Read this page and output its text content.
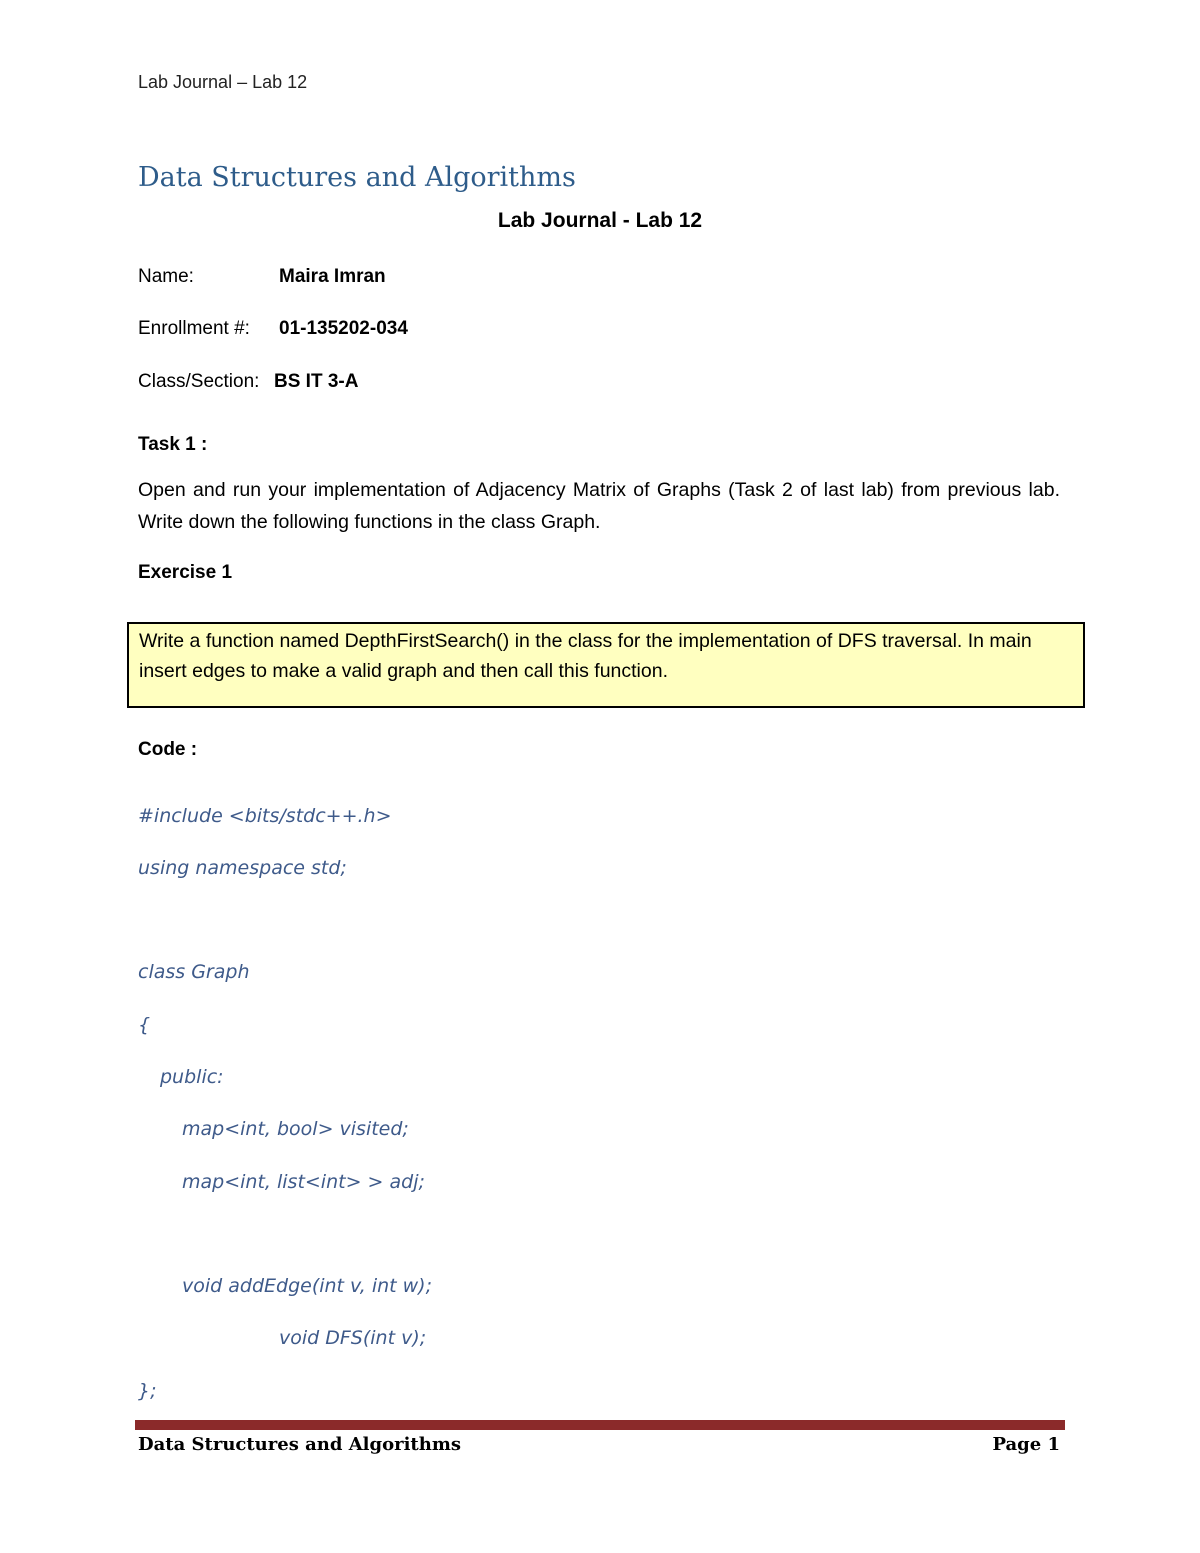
Lab Journal – Lab 12
Data Structures and Algorithms
Lab Journal - Lab 12
Name:	Maira Imran
Enrollment #: 01-135202-034
Class/Section: BS IT 3-A
Task 1 :
Open and run your implementation of Adjacency Matrix of Graphs (Task 2 of last lab) from previous lab. Write down the following functions in the class Graph.
Exercise 1
Write a function named DepthFirstSearch() in the class for the implementation of DFS traversal. In main insert edges to make a valid graph and then call this function.
Code :
#include <bits/stdc++.h>
using namespace std;
class Graph
{
public:
map<int, bool> visited;
map<int, list<int> > adj;
void addEdge(int v, int w);
void DFS(int v);
};
Data Structures and Algorithms	Page 1
